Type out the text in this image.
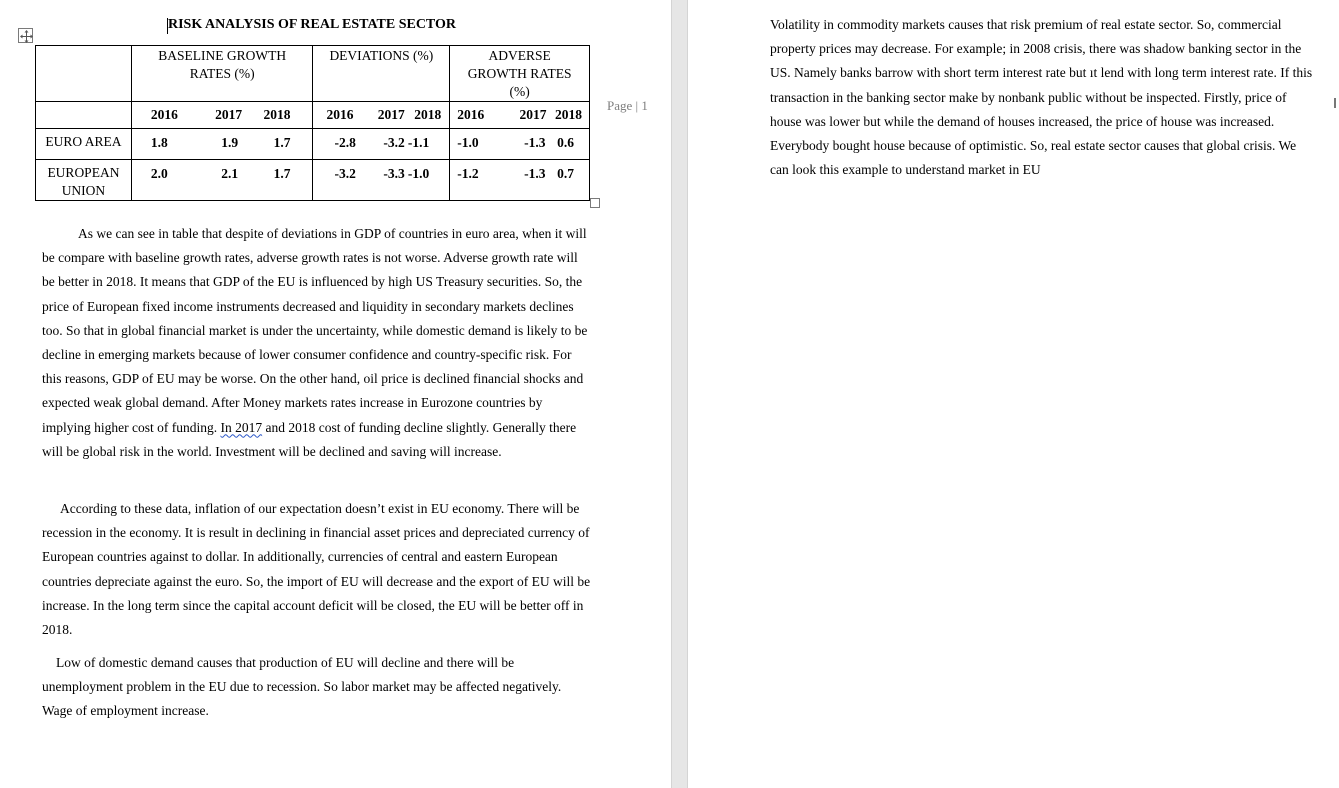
RISK ANALYSIS OF REAL ESTATE SECTOR

	BASELINE GROWTH RATES (%)			DEVIATIONS (%)			ADVERSE GROWTH RATES (%)		

	2016	2017	2018	2016	2017	2018	2016	2017	2018
EURO AREA	1.8	1.9	1.7	-2.8	-3.2	-1.1	-1.0	-1.3	0.6
EUROPEAN UNION	2.0	2.1	1.7	-3.2	-3.3	-1.0	-1.2	-1.3	0.7
Page | 1
As we can see in table that despite of deviations in GDP of countries in euro area, when it will be compare with baseline growth rates, adverse growth rates is not worse. Adverse growth rate will be better in 2018. It means that GDP of the EU is influenced by high US Treasury securities. So, the price of European fixed income instruments decreased and liquidity in secondary markets declines too. So that in global financial market is under the uncertainty, while domestic demand is likely to be decline in emerging markets because of lower consumer confidence and country-specific risk. For this reasons, GDP of EU may be worse. On the other hand, oil price is declined financial shocks and expected weak global demand. After Money markets rates increase in Eurozone countries by implying higher cost of funding. In 2017 and 2018 cost of funding decline slightly. Generally there will be global risk in the world. Investment will be declined and saving will increase.
According to these data, inflation of our expectation doesn’t exist in EU economy. There will be recession in the economy. It is result in declining in financial asset prices and depreciated currency of European countries against to dollar. In additionally, currencies of central and eastern European countries depreciate against the euro. So, the import of EU will decrease and the export of EU will be increase. In the long term since the capital account deficit will be closed, the EU will be better off in 2018.
Low of domestic demand causes that production of EU will decline and there will be unemployment problem in the EU due to recession. So labor market may be affected negatively. Wage of employment increase.
Volatility in commodity markets causes that risk premium of real estate sector. So, commercial property prices may decrease. For example; in 2008 crisis, there was shadow banking sector in the US. Namely banks barrow with short term interest rate but ıt lend with long term interest rate. If this transaction in the banking sector make by nonbank public without be inspected. Firstly, price of house was lower but while the demand of houses increased, the price of house was increased. Everybody bought house because of optimistic. So, real estate sector causes that global crisis. We can look this example to understand market in EU
